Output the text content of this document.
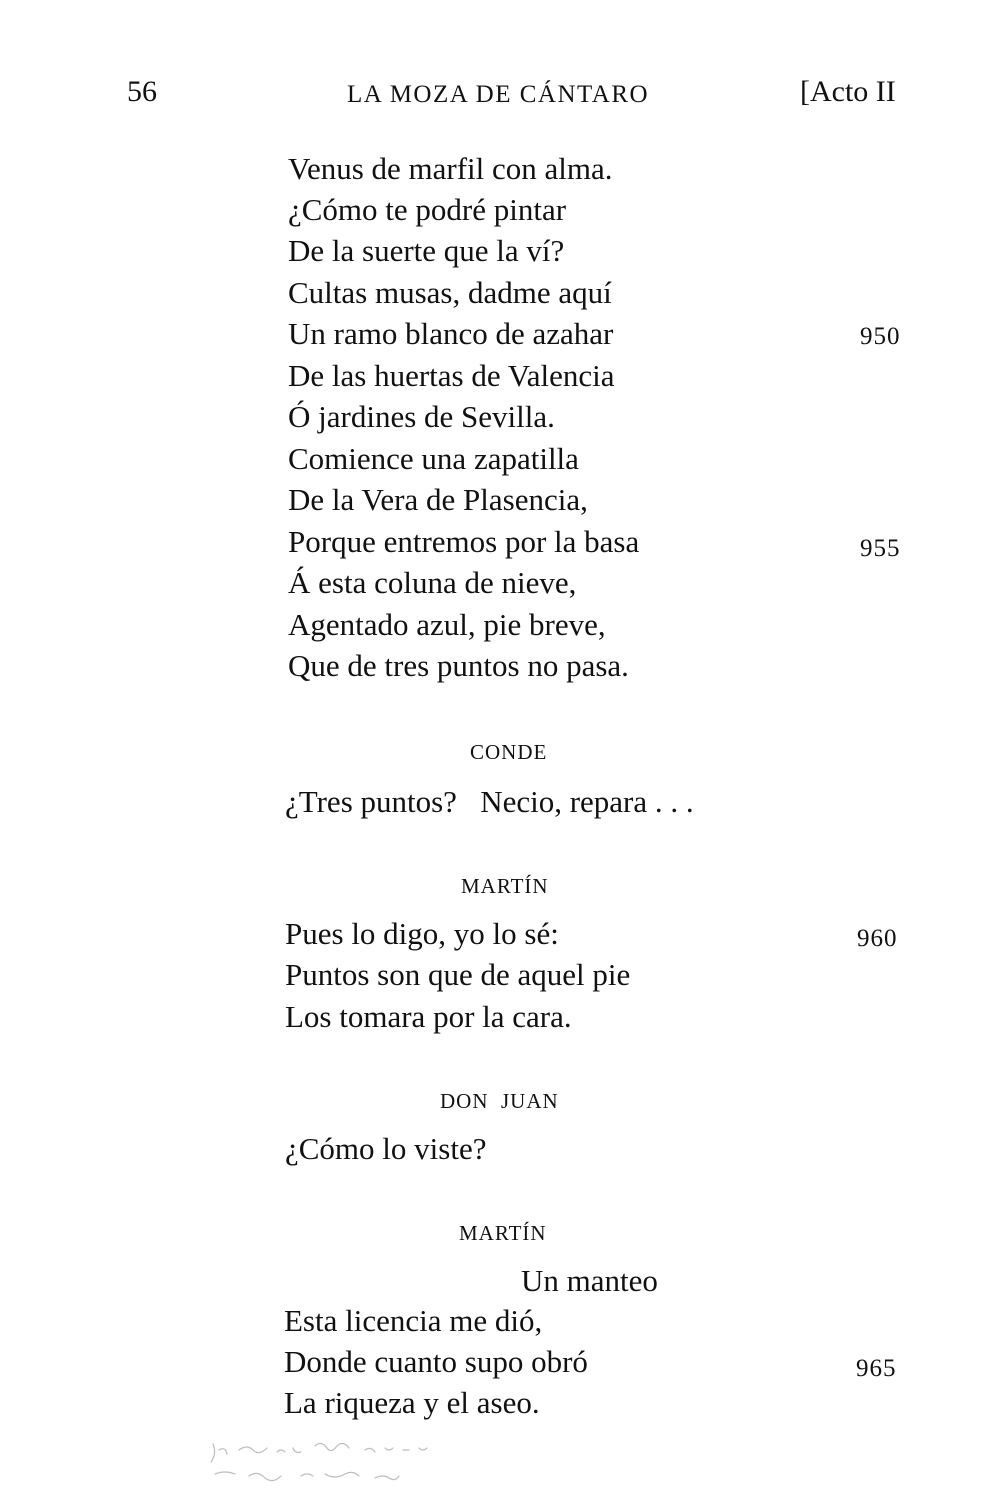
56	LA MOZA DE CÁNTARO	[Acto II
Venus de marfil con alma.
¿Cómo te podré pintar
De la suerte que la ví?
Cultas musas, dadme aquí
Un ramo blanco de azahar	950
De las huertas de Valencia
Ó jardines de Sevilla.
Comience una zapatilla
De la Vera de Plasencia,
Porque entremos por la basa	955
Á esta coluna de nieve,
Agentado azul, pie breve,
Que de tres puntos no pasa.
CONDE
¿Tres puntos?   Necio, repara . . .
MARTÍN
Pues lo digo, yo lo sé:	960
Puntos son que de aquel pie
Los tomara por la cara.
DON  JUAN
¿Cómo lo viste?
MARTÍN
Un manteo
Esta licencia me dió,
Donde cuanto supo obró	965
La riqueza y el aseo.
